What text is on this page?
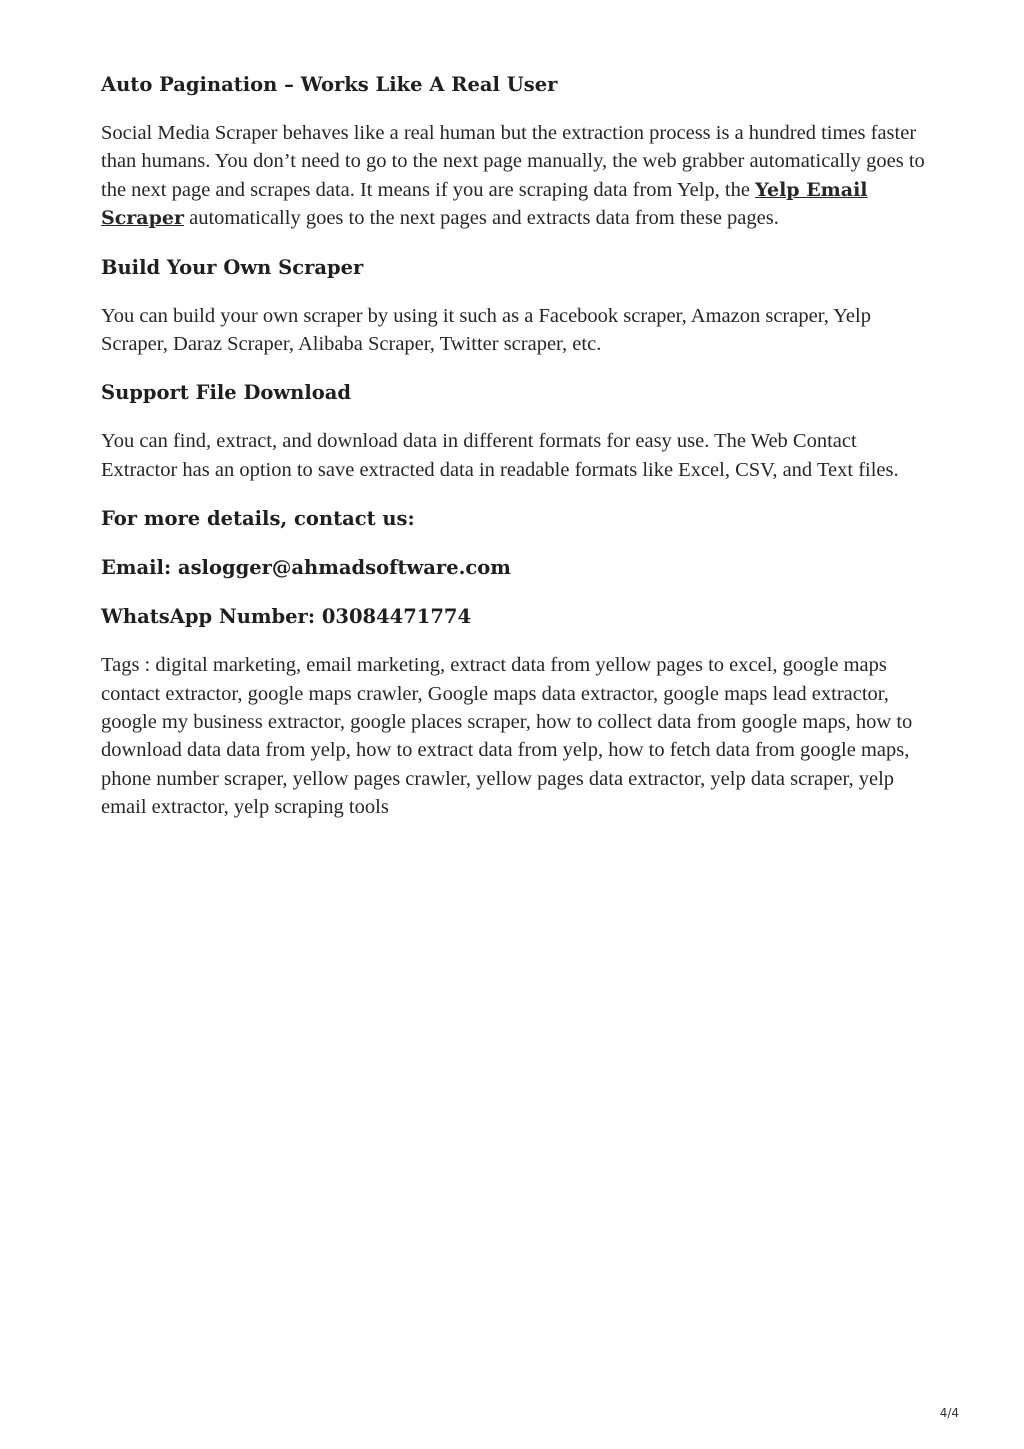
Auto Pagination – Works Like A Real User

Social Media Scraper behaves like a real human but the extraction process is a hundred times faster than humans. You don’t need to go to the next page manually, the web grabber automatically goes to the next page and scrapes data. It means if you are scraping data from Yelp, the Yelp Email Scraper automatically goes to the next pages and extracts data from these pages.

Build Your Own Scraper

You can build your own scraper by using it such as a Facebook scraper, Amazon scraper, Yelp Scraper, Daraz Scraper, Alibaba Scraper, Twitter scraper, etc.

Support File Download

You can find, extract, and download data in different formats for easy use. The Web Contact Extractor has an option to save extracted data in readable formats like Excel, CSV, and Text files.

For more details, contact us:

Email: aslogger@ahmadsoftware.com

WhatsApp Number: 03084471774

Tags : digital marketing, email marketing, extract data from yellow pages to excel, google maps contact extractor, google maps crawler, Google maps data extractor, google maps lead extractor, google my business extractor, google places scraper, how to collect data from google maps, how to download data data from yelp, how to extract data from yelp, how to fetch data from google maps, phone number scraper, yellow pages crawler, yellow pages data extractor, yelp data scraper, yelp email extractor, yelp scraping tools

4/4
